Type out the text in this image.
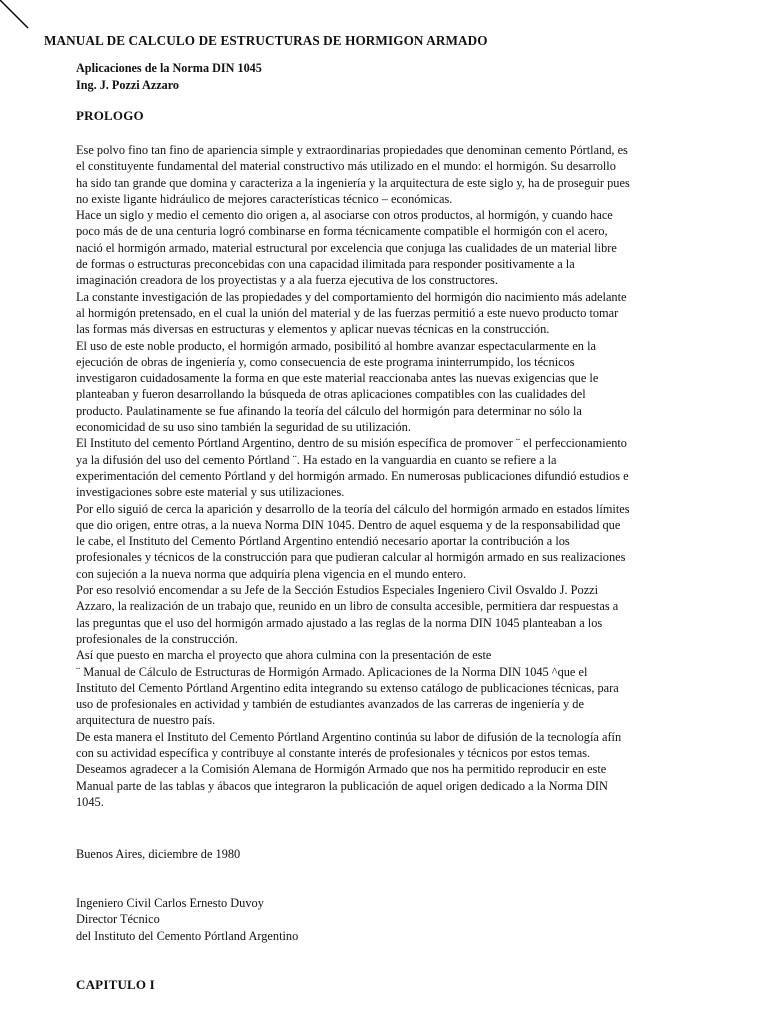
MANUAL DE CALCULO DE ESTRUCTURAS DE HORMIGON ARMADO
Aplicaciones de la Norma DIN 1045
Ing. J. Pozzi Azzaro
PROLOGO
Ese polvo fino tan fino de apariencia simple y extraordinarias propiedades que denominan cemento Pórtland, es
el constituyente fundamental del material constructivo más utilizado en el mundo: el hormigón. Su desarrollo
ha sido tan grande que domina y caracteriza a la ingeniería y la arquitectura de este siglo y, ha de proseguir pues
no existe ligante hidráulico de mejores características técnico – económicas.
Hace un siglo y medio el cemento dio origen a, al asociarse con otros productos, al hormigón, y cuando hace
poco más de de una centuria logró combinarse en forma técnicamente compatible el hormigón con el acero,
nació el hormigón armado, material estructural por excelencia que conjuga las cualidades de un material libre
de formas o estructuras preconcebidas con una capacidad ilimitada para responder positivamente a la
imaginación creadora de los proyectistas y a ala fuerza ejecutiva de los constructores.
La constante investigación de las propiedades y del comportamiento del hormigón dio nacimiento más adelante
al hormigón pretensado, en el cual la unión del material y de las fuerzas permitió a este nuevo producto tomar
las formas más diversas en estructuras y elementos y aplicar nuevas técnicas en la construcción.
El uso de este noble producto, el hormigón armado, posibilitó al hombre avanzar espectacularmente en la
ejecución de obras de ingeniería y, como consecuencia de este programa ininterrumpido, los técnicos
investigaron cuidadosamente la forma en que este material reaccionaba antes las nuevas exigencias que le
planteaban y fueron desarrollando la búsqueda de otras aplicaciones compatibles con las cualidades del
producto. Paulatinamente se fue afinando la teoría del cálculo del hormigón para determinar no sólo la
economicidad de su uso sino también la seguridad de su utilización.
El Instituto del cemento Pórtland Argentino, dentro de su misión específica de promover ¨ el perfeccionamiento
ya la difusión del uso del cemento Pórtland ¨. Ha estado en la vanguardia en cuanto se refiere a la
experimentación del cemento Pórtland y del hormigón armado. En numerosas publicaciones difundió estudios e
investigaciones sobre este material y sus utilizaciones.
Por ello siguió de cerca la aparición y desarrollo de la teoría del cálculo del hormigón armado en estados límites
que dio origen, entre otras, a la nueva Norma DIN 1045. Dentro de aquel esquema y de la responsabilidad que
le cabe, el Instituto del Cemento Pórtland Argentino entendió necesario aportar la contribución a los
profesionales y técnicos de la construcción para que pudieran calcular al hormigón armado en sus realizaciones
con sujeción a la nueva norma que adquiría plena vigencia en el mundo entero.
Por eso resolvió encomendar a su Jefe de la Sección Estudios Especiales Ingeniero Civil Osvaldo J. Pozzi
Azzaro, la realización de un trabajo que, reunido en un libro de consulta accesible, permitiera dar respuestas a
las preguntas que el uso del hormigón armado ajustado a las reglas de la norma DIN 1045 planteaban a los
profesionales de la construcción.
Así que puesto en marcha el proyecto que ahora culmina con la presentación de este
¨ Manual de Cálculo de Estructuras de Hormigón Armado. Aplicaciones de la Norma DIN 1045 ^que el
Instituto del Cemento Pórtland Argentino edita integrando su extenso catálogo de publicaciones técnicas, para
uso de profesionales en actividad y también de estudiantes avanzados de las carreras de ingeniería y de
arquitectura de nuestro país.
De esta manera el Instituto del Cemento Pórtland Argentino continúa su labor de difusión de la tecnología afín
con su actividad específica y contribuye al constante interés de profesionales y técnicos por estos temas.
Deseamos agradecer a la Comisión Alemana de Hormigón Armado que nos ha permitido reproducir en este
Manual parte de las tablas y ábacos que integraron la publicación de aquel origen dedicado a la Norma DIN
1045.
Buenos Aires, diciembre de 1980
Ingeniero Civil Carlos Ernesto Duvoy
Director Técnico
del Instituto del Cemento Pórtland Argentino
CAPITULO I
